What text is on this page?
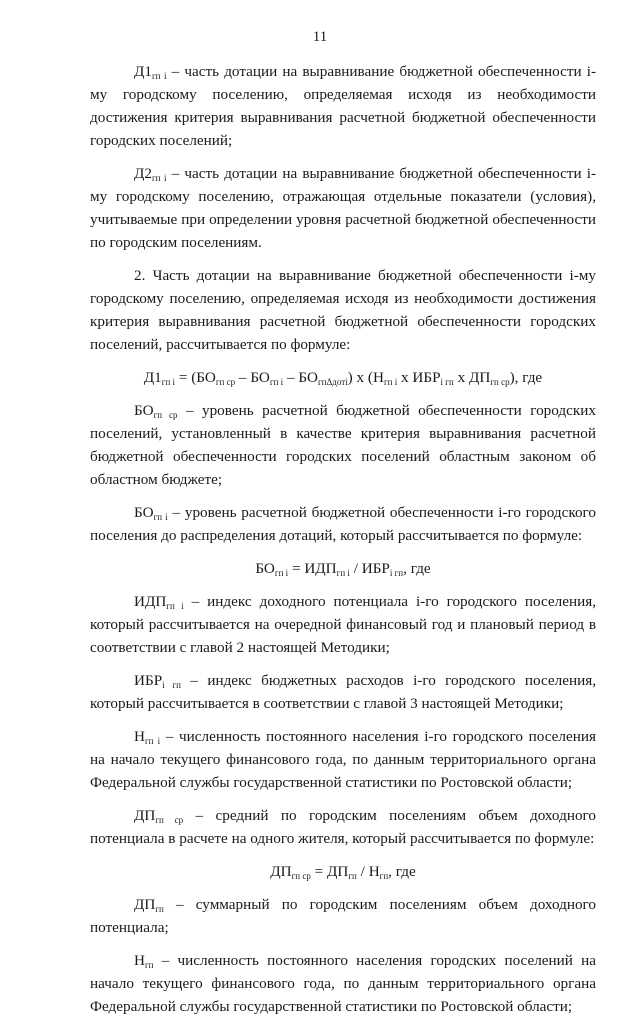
11

$Д1_{гп i}$ – часть дотации на выравнивание бюджетной обеспеченности i-му городскому поселению, определяемая исходя из необходимости достижения критерия выравнивания расчетной бюджетной обеспеченности городских поселений;

$Д2_{гп i}$ – часть дотации на выравнивание бюджетной обеспеченности i-му городскому поселению, отражающая отдельные показатели (условия), учитываемые при определении уровня расчетной бюджетной обеспеченности по городским поселениям.

2. Часть дотации на выравнивание бюджетной обеспеченности i-му городскому поселению, определяемая исходя из необходимости достижения критерия выравнивания расчетной бюджетной обеспеченности городских поселений, рассчитывается по формуле:

$Д1_{гп i} = (БО_{гп ср} - БО_{гп i} - БО_{гп\Delta дотi})$ x ($Н_{гп i}$ x $ИБР_{i гп}$ x $ДП_{гп ср}$), где

$БО_{гп ср}$ – уровень расчетной бюджетной обеспеченности городских поселений, установленный в качестве критерия выравнивания расчетной бюджетной обеспеченности городских поселений областным законом об областном бюджете;

$БО_{гп i}$ – уровень расчетной бюджетной обеспеченности i-го городского поселения до распределения дотаций, который рассчитывается по формуле:

$БО_{гп i} = ИДП_{гп i} / ИБР_{i гп}$, где

$ИДП_{гп i}$ – индекс доходного потенциала i-го городского поселения, который рассчитывается на очередной финансовый год и плановый период в соответствии с главой 2 настоящей Методики;

$ИБР_{i гп}$ – индекс бюджетных расходов i-го городского поселения, который рассчитывается в соответствии с главой 3 настоящей Методики;

$Н_{гп i}$ – численность постоянного населения i-го городского поселения на начало текущего финансового года, по данным территориального органа Федеральной службы государственной статистики по Ростовской области;

$ДП_{гп ср}$ – средний по городским поселениям объем доходного потенциала в расчете на одного жителя, который рассчитывается по формуле:

$ДП_{гп ср} = ДП_{гп} / Н_{гп}$, где

$ДП_{гп}$ – суммарный по городским поселениям объем доходного потенциала;

$Н_{гп}$ – численность постоянного населения городских поселений на начало текущего финансового года, по данным территориального органа Федеральной службы государственной статистики по Ростовской области;
